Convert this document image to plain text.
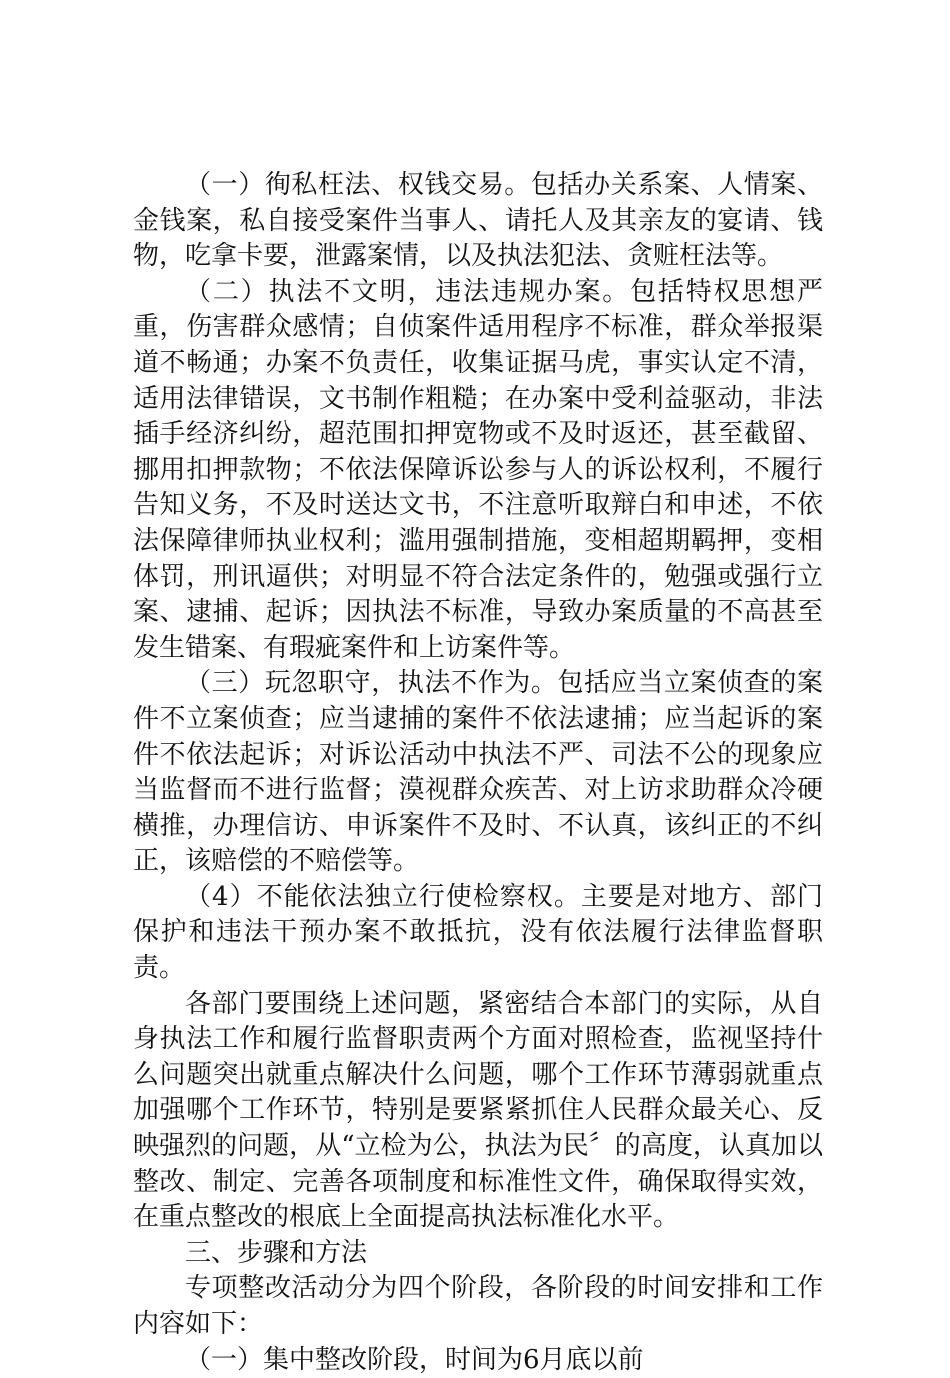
（一）徇私枉法、权钱交易。包括办关系案、人情案、金钱案，私自接受案件当事人、请托人及其亲友的宴请、钱物，吃拿卡要，泄露案情，以及执法犯法、贪赃枉法等。

（二）执法不文明，违法违规办案。包括特权思想严重，伤害群众感情；自侦案件适用程序不标准，群众举报渠道不畅通；办案不负责任，收集证据马虎，事实认定不清，适用法律错误，文书制作粗糙；在办案中受利益驱动，非法插手经济纠纷，超范围扣押宽物或不及时返还，甚至截留、挪用扣押款物；不依法保障诉讼参与人的诉讼权利，不履行告知义务，不及时送达文书，不注意听取辩白和申述，不依法保障律师执业权利；滥用强制措施，变相超期羁押，变相体罚，刑讯逼供；对明显不符合法定条件的，勉强或强行立案、逮捕、起诉；因执法不标准，导致办案质量的不高甚至发生错案、有瑕疵案件和上访案件等。

（三）玩忽职守，执法不作为。包括应当立案侦查的案件不立案侦查；应当逮捕的案件不依法逮捕；应当起诉的案件不依法起诉；对诉讼活动中执法不严、司法不公的现象应当监督而不进行监督；漠视群众疾苦、对上访求助群众冷硬横推，办理信访、申诉案件不及时、不认真，该纠正的不纠正，该赔偿的不赔偿等。

（4）不能依法独立行使检察权。主要是对地方、部门保护和违法干预办案不敢抵抗，没有依法履行法律监督职责。

各部门要围绕上述问题，紧密结合本部门的实际，从自身执法工作和履行监督职责两个方面对照检查，监视坚持什么问题突出就重点解决什么问题，哪个工作环节薄弱就重点加强哪个工作环节，特别是要紧紧抓住人民群众最关心、反映强烈的问题，从“立检为公，执法为民〞的高度，认真加以整改、制定、完善各项制度和标准性文件，确保取得实效，在重点整改的根底上全面提高执法标准化水平。

三、步骤和方法

专项整改活动分为四个阶段，各阶段的时间安排和工作内容如下：

（一）集中整改阶段，时间为6月底以前
